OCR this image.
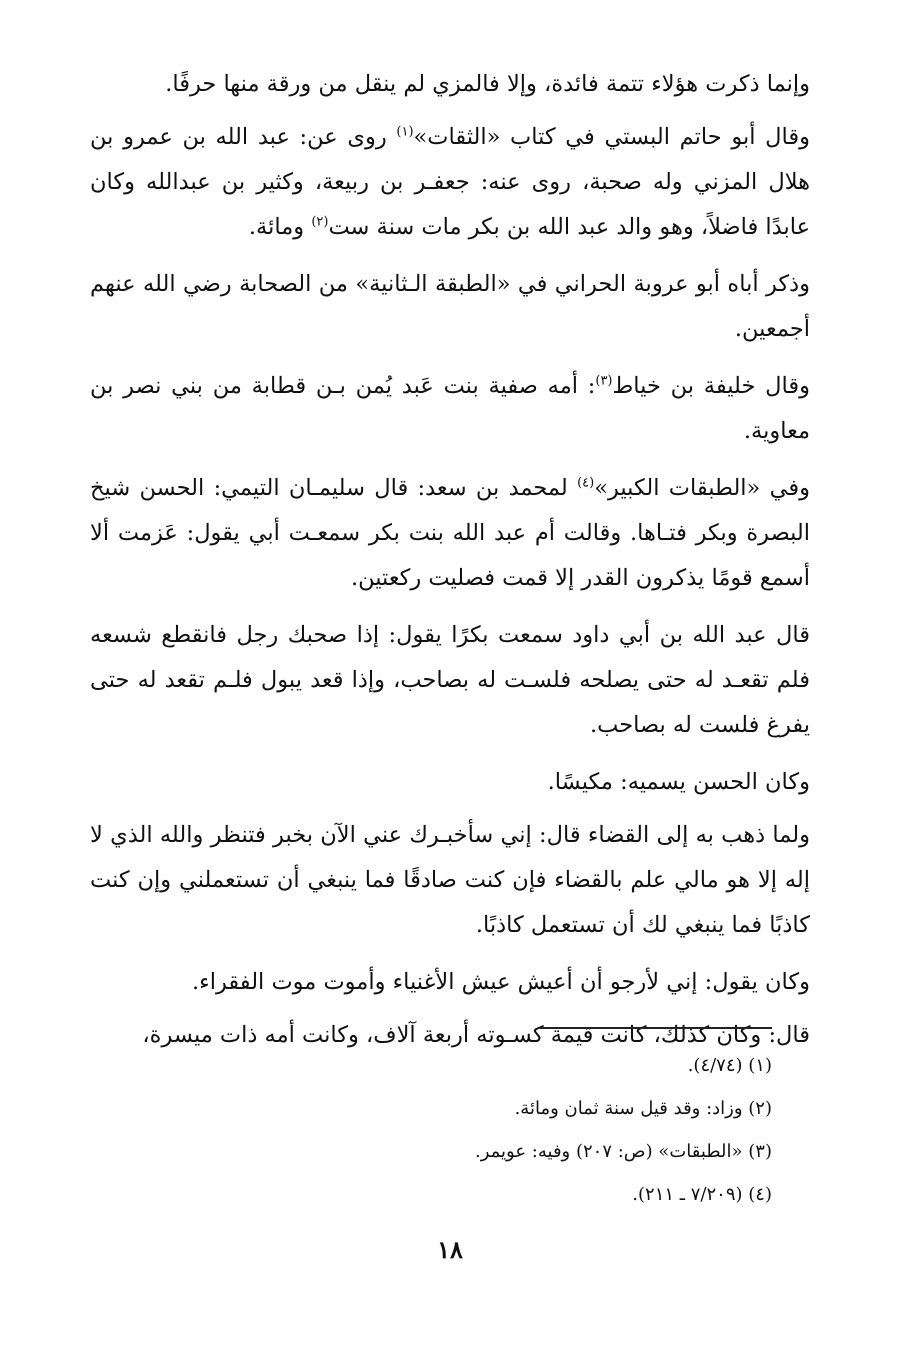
وإنما ذكرت هؤلاء تتمة فائدة، وإلا فالمزي لم ينقل من ورقة منها حرفًا.

وقال أبو حاتم البستي في كتاب «الثقات»$^{(١)}$ روى عن: عبد الله بن عمرو بن هلال المزني وله صحبة، روى عنه: جعفـر بن ربيعة، وكثير بن عبدالله وكان عابدًا فاضلاً، وهو والد عبد الله بن بكر مات سنة ست$^{(٢)}$ ومائة.

وذكر أباه أبو عروبة الحراني في «الطبقة الـثانية» من الصحابة رضي الله عنهم أجمعين.

وقال خليفة بن خياط$^{(٣)}$: أمه صفية بنت عَبد يُمن بـن قطابة من بني نصر بن معاوية.

وفي «الطبقات الكبير»$^{(٤)}$ لمحمد بن سعد: قال سليمـان التيمي: الحسن شيخ البصرة وبكر فتـاها. وقالت أم عبد الله بنت بكر سمعـت أبي يقول: عَزمت ألا أسمع قومًا يذكرون القدر إلا قمت فصليت ركعتين.

قال عبد الله بن أبي داود سمعت بكرًا يقول: إذا صحبك رجل فانقطع شسعه فلم تقعـد له حتى يصلحه فلسـت له بصاحب، وإذا قعد يبول فلـم تقعد له حتى يفرغ فلست له بصاحب.

وكان الحسن يسميه: مكيسًا.

ولما ذهب به إلى القضاء قال: إني سأخبـرك عني الآن بخبر فتنظر والله الذي لا إله إلا هو مالي علم بالقضاء فإن كنت صادقًا فما ينبغي أن تستعملني وإن كنت كاذبًا فما ينبغي لك أن تستعمل كاذبًا.

وكان يقول: إني لأرجو أن أعيش عيش الأغنياء وأموت موت الفقراء.

قال: وكان كذلك، كانت قيمة كسـوته أربعة آلاف، وكانت أمه ذات ميسرة،

(١) (٤/٧٤).
(٢) وزاد: وقد قيل سنة ثمان ومائة.
(٣) «الطبقات» (ص: ٢٠٧) وفيه: عويمر.
(٤) (٧/٢٠٩ ـ ٢١١).
١٨
